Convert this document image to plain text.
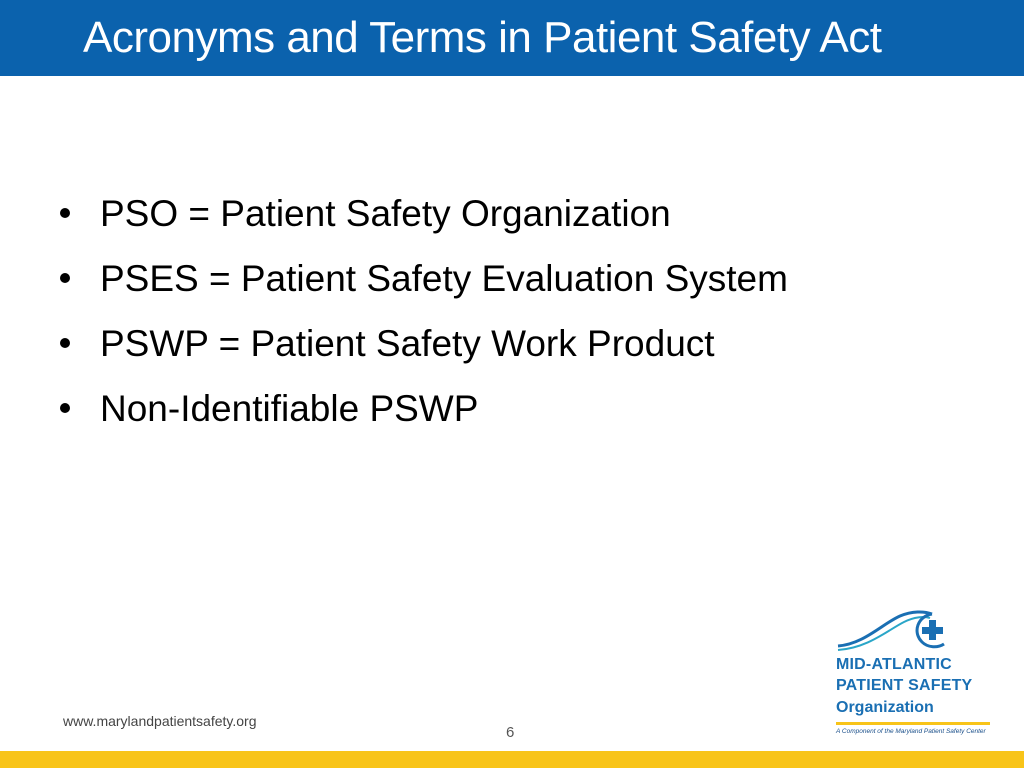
Acronyms and Terms in Patient Safety Act
PSO = Patient Safety Organization
PSES = Patient Safety Evaluation System
PSWP = Patient Safety Work Product
Non-Identifiable PSWP
MID-ATLANTIC
PATIENT SAFETY
Organization
A Component of the Maryland Patient Safety Center
www.marylandpatientsafety.org
6
